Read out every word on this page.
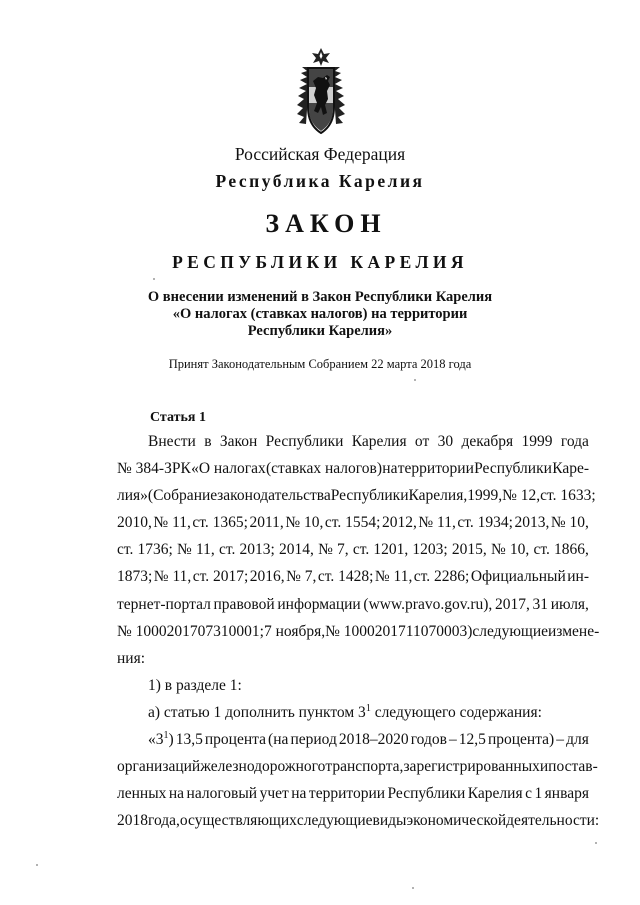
Российская Федерация
Республика Карелия
ЗАКОН
РЕСПУБЛИКИ КАРЕЛИЯ
О внесении изменений в Закон Республики Карелия
«О налогах (ставках налогов) на территории
Республики Карелия»
Принят Законодательным Собранием 22 марта 2018 года
Статья 1
Внести в Закон Республики Карелия от 30 декабря 1999 года
№ 384-ЗРК «О налогах (ставках налогов) на территории Республики Каре-
лия» (Собрание законодательства Республики Карелия, 1999, № 12, ст. 1633;
2010, № 11, ст. 1365; 2011, № 10, ст. 1554; 2012, № 11, ст. 1934; 2013, № 10,
ст. 1736; № 11, ст. 2013; 2014, № 7, ст. 1201, 1203; 2015, № 10, ст. 1866,
1873; № 11, ст. 2017; 2016, № 7, ст. 1428; № 11, ст. 2286; Официальный ин-
тернет-портал правовой информации (www.pravo.gov.ru), 2017, 31 июля,
№ 1000201707310001; 7 ноября, № 1000201711070003) следующие измене-
ния:
1) в разделе 1:
а) статью 1 дополнить пунктом $3^1$ следующего содержания:
«$3^1$) 13,5 процента (на период 2018–2020 годов – 12,5 процента) – для
организаций железнодорожного транспорта, зарегистрированных и постав-
ленных на налоговый учет на территории Республики Карелия с 1 января
2018 года, осуществляющих следующие виды экономической деятельности:
